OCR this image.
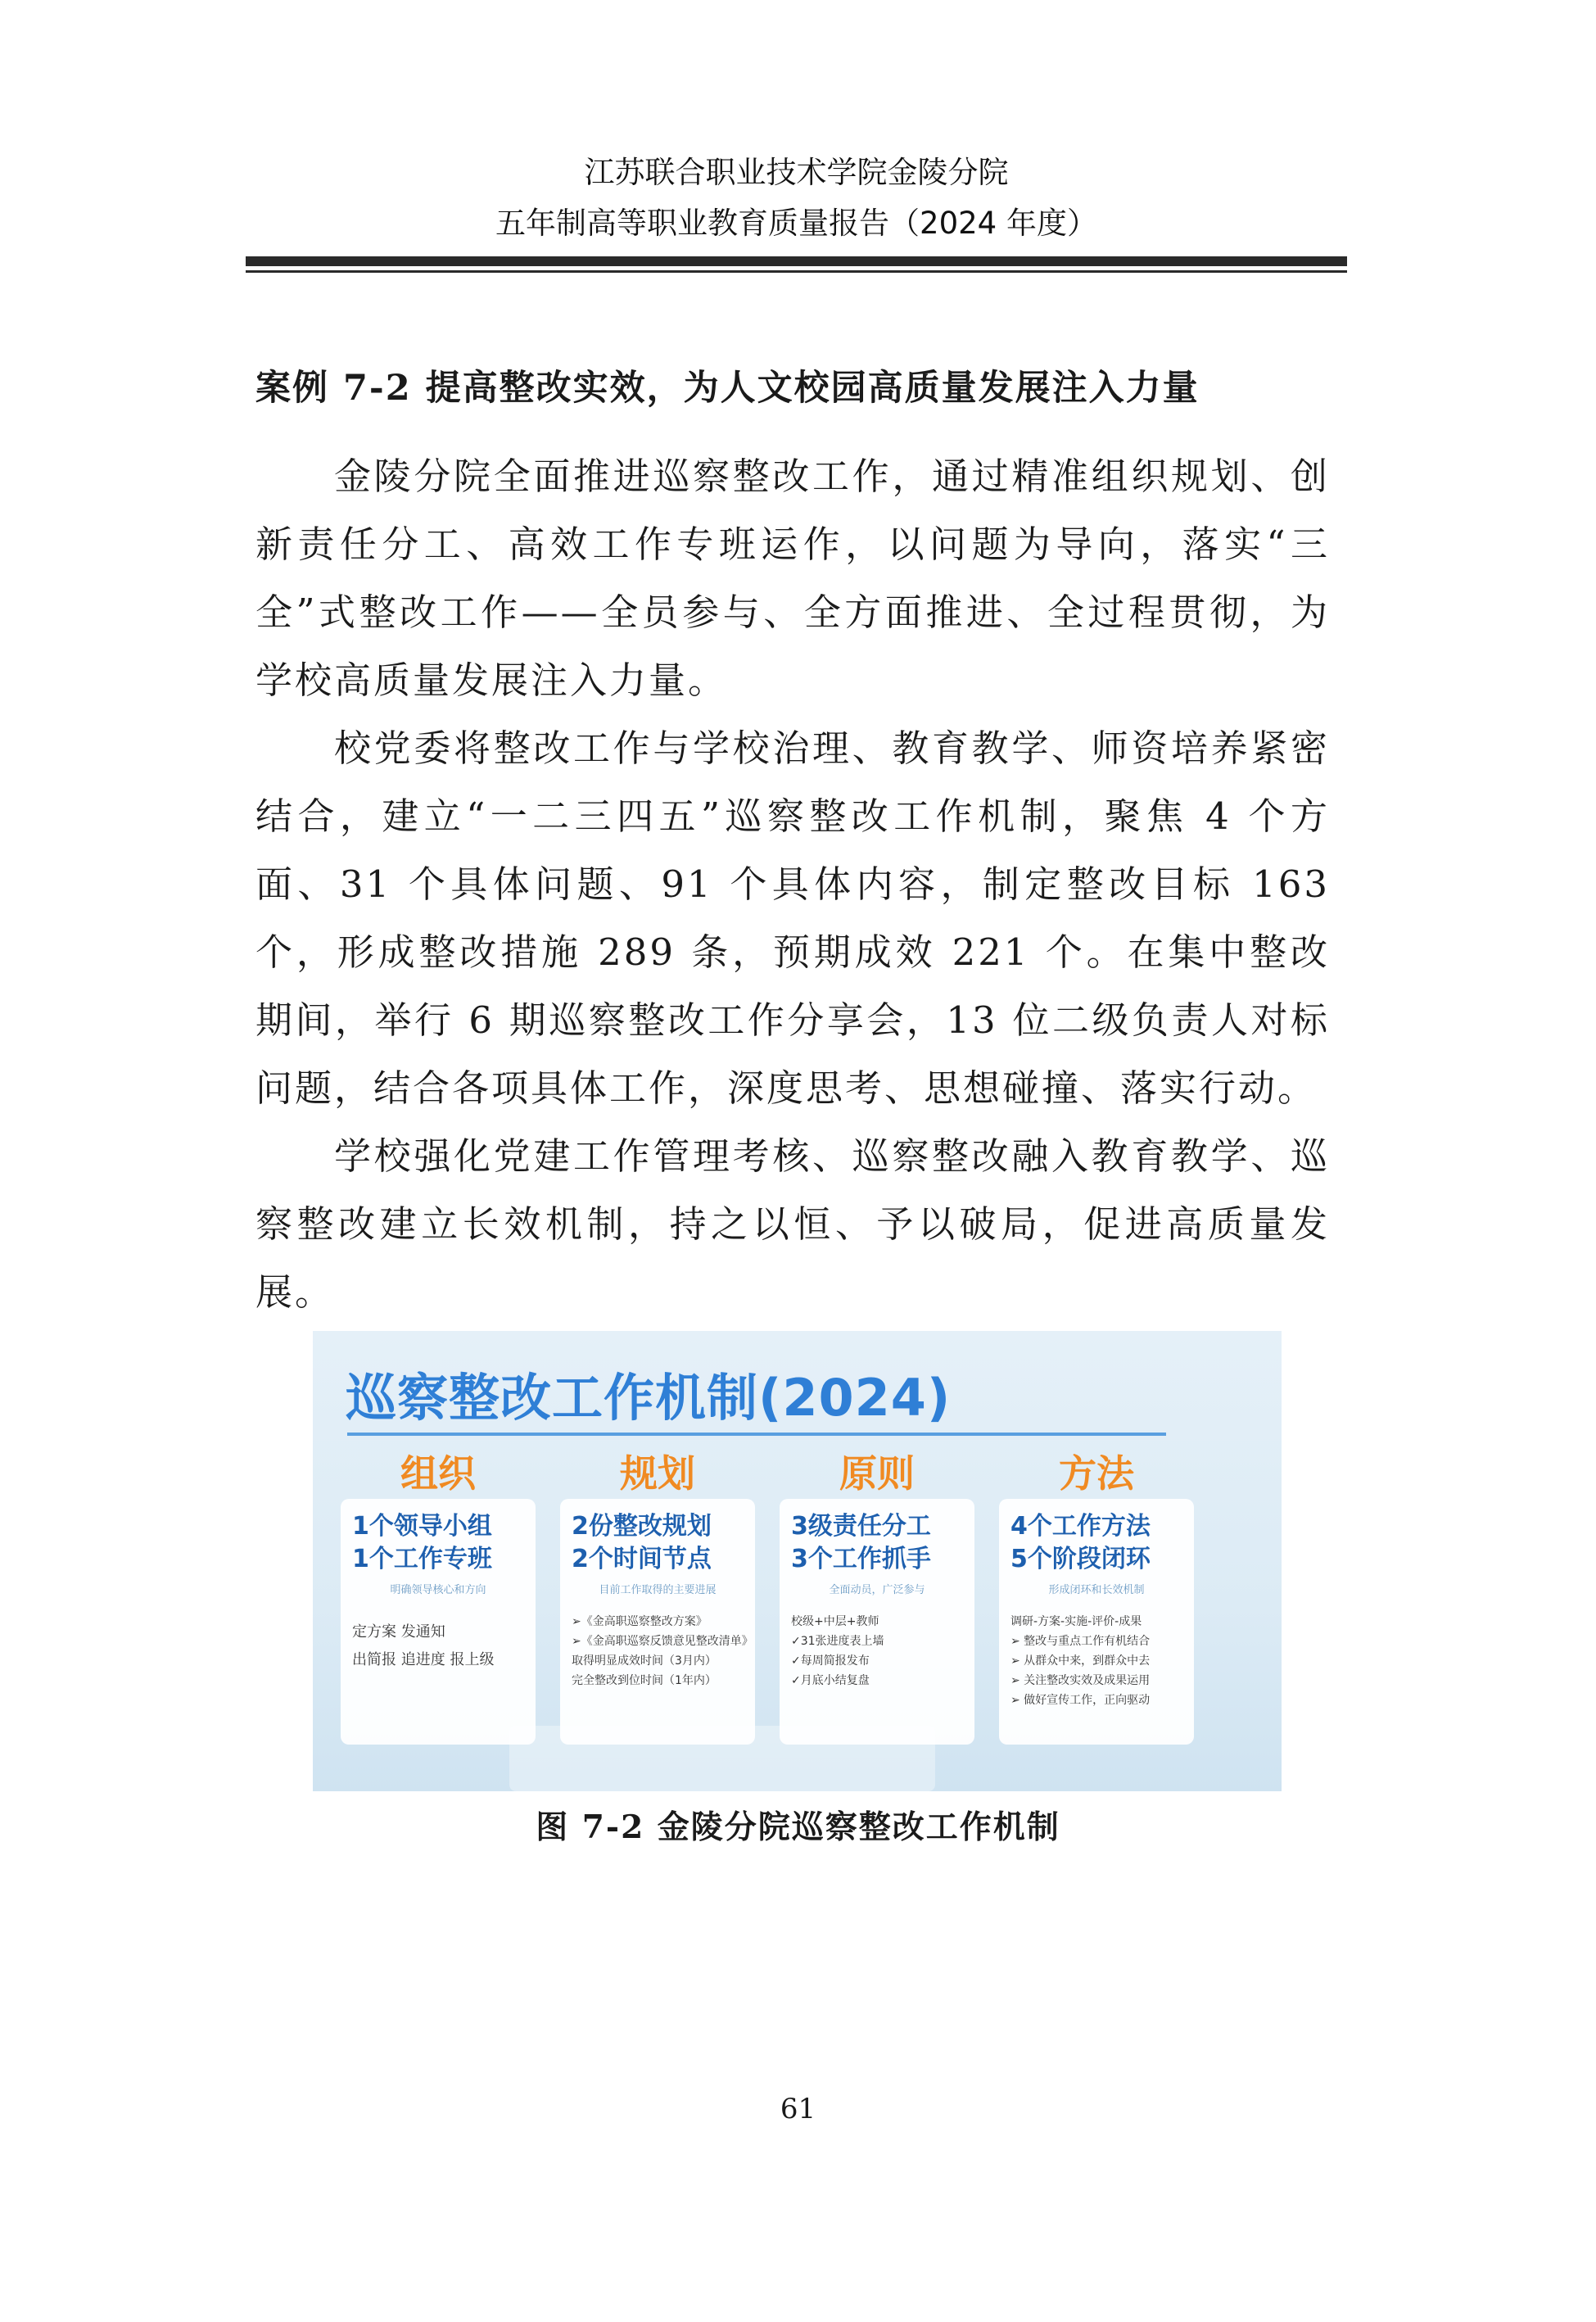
江苏联合职业技术学院金陵分院
五年制高等职业教育质量报告（2024 年度）
案例 7-2 提高整改实效，为人文校园高质量发展注入力量

金陵分院全面推进巡察整改工作，通过精准组织规划、创新责任分工、高效工作专班运作，以问题为导向，落实“三全”式整改工作——全员参与、全方面推进、全过程贯彻，为学校高质量发展注入力量。

校党委将整改工作与学校治理、教育教学、师资培养紧密结合，建立“一二三四五”巡察整改工作机制，聚焦 4 个方面、31 个具体问题、91 个具体内容，制定整改目标 163 个，形成整改措施 289 条，预期成效 221 个。在集中整改期间，举行 6 期巡察整改工作分享会，13 位二级负责人对标问题，结合各项具体工作，深度思考、思想碰撞、落实行动。

学校强化党建工作管理考核、巡察整改融入教育教学、巡察整改建立长效机制，持之以恒、予以破局，促进高质量发展。

巡察整改工作机制(2024)
组织	规划	原则	方法
1个领导小组
1个工作专班
明确领导核心和方向
定方案 发通知
出简报 追进度 报上级
2份整改规划
2个时间节点
目前工作取得的主要进展
➢《金高职巡察整改方案》
➢《金高职巡察反馈意见整改清单》
取得明显成效时间（3月内）
完全整改到位时间（1年内）
3级责任分工
3个工作抓手
全面动员，广泛参与
校级+中层+教师
✓31张进度表上墙
✓每周简报发布
✓月底小结复盘
4个工作方法
5个阶段闭环
形成闭环和长效机制
调研-方案-实施-评价-成果
➢ 整改与重点工作有机结合
➢ 从群众中来，到群众中去
➢ 关注整改实效及成果运用
➢ 做好宣传工作，正向驱动
图 7-2 金陵分院巡察整改工作机制
61
